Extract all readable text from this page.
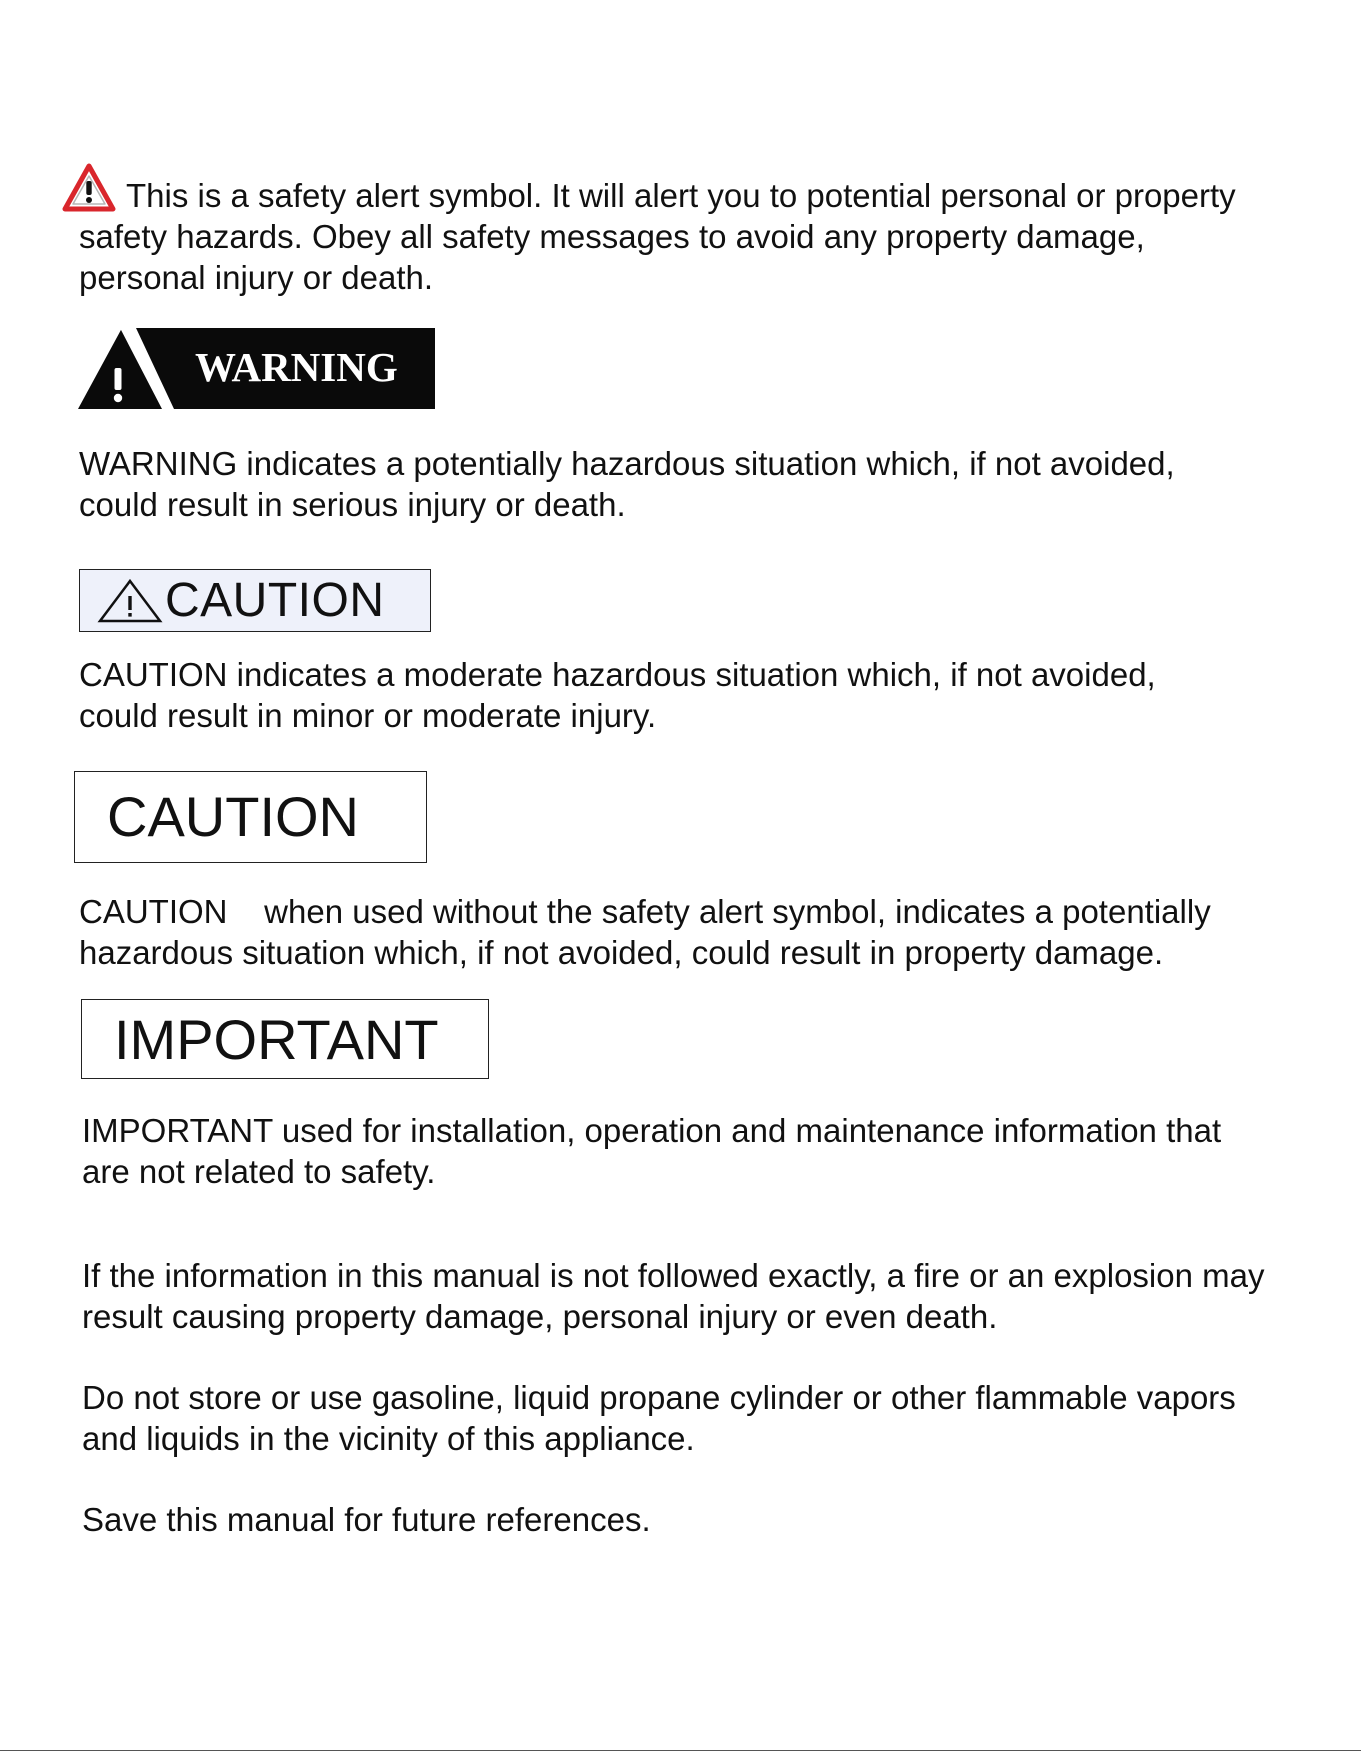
This is a safety alert symbol. It will alert you to potential personal or property

safety hazards. Obey all safety messages to avoid any property damage,
personal injury or death.

WARNING

WARNING indicates a potentially hazardous situation which, if not avoided,
could result in serious injury or death.

CAUTION

CAUTION indicates a moderate hazardous situation which, if not avoided,
could result in minor or moderate injury.

CAUTION

CAUTION    when used without the safety alert symbol, indicates a potentially
hazardous situation which, if not avoided, could result in property damage.

IMPORTANT

IMPORTANT used for installation, operation and maintenance information that
are not related to safety.

If the information in this manual is not followed exactly, a fire or an explosion may
result causing property damage, personal injury or even death.

Do not store or use gasoline, liquid propane cylinder or other flammable vapors
and liquids in the vicinity of this appliance.

Save this manual for future references.
